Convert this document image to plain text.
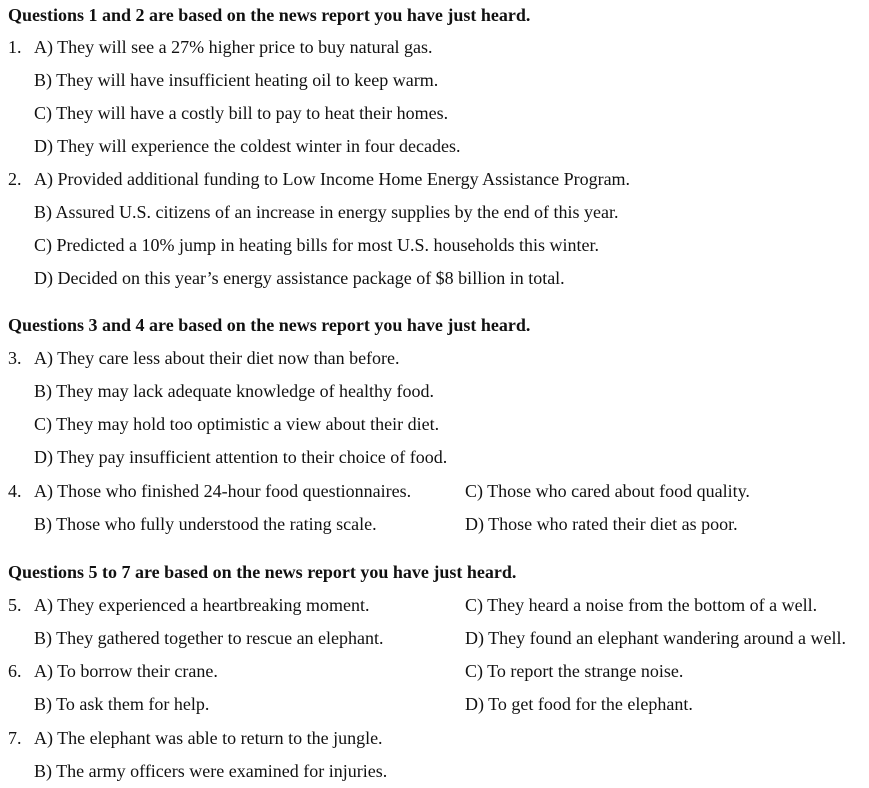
Questions 1 and 2 are based on the news report you have just heard.
1. A) They will see a 27% higher price to buy natural gas.
B) They will have insufficient heating oil to keep warm.
C) They will have a costly bill to pay to heat their homes.
D) They will experience the coldest winter in four decades.
2. A) Provided additional funding to Low Income Home Energy Assistance Program.
B) Assured U.S. citizens of an increase in energy supplies by the end of this year.
C) Predicted a 10% jump in heating bills for most U.S. households this winter.
D) Decided on this year’s energy assistance package of $8 billion in total.
Questions 3 and 4 are based on the news report you have just heard.
3. A) They care less about their diet now than before.
B) They may lack adequate knowledge of healthy food.
C) They may hold too optimistic a view about their diet.
D) They pay insufficient attention to their choice of food.
4. A) Those who finished 24-hour food questionnaires.	C) Those who cared about food quality.
B) Those who fully understood the rating scale.	D) Those who rated their diet as poor.
Questions 5 to 7 are based on the news report you have just heard.
5. A) They experienced a heartbreaking moment.	C) They heard a noise from the bottom of a well.
B) They gathered together to rescue an elephant.	D) They found an elephant wandering around a well.
6. A) To borrow their crane.	C) To report the strange noise.
B) To ask them for help.	D) To get food for the elephant.
7. A) The elephant was able to return to the jungle.
B) The army officers were examined for injuries.
